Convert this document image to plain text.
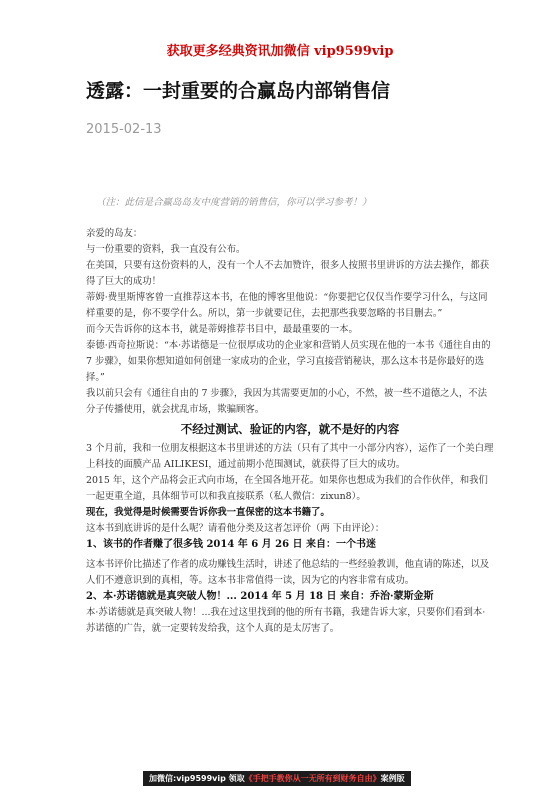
获取更多经典资讯加微信 vip9599vip
透露：一封重要的合赢岛内部销售信
2015-02-13
（注：此信是合赢岛岛友中度营销的销售信，你可以学习参考！）

亲爱的岛友：

与一份重要的资料，我一直没有公布。

在美国，只要有这份资料的人，没有一个人不去加赞许，很多人按照书里讲诉的方法去操作，都获得了巨大的成功！

蒂姆·费里斯博客曾一直推荐这本书，在他的博客里他说：“你要把它仅仅当作要学习什么，与这同样重要的是，你不要学什么。所以，第一步就要记住，去把那些我要忽略的书目删去。”

而今天告诉你的这本书，就是蒂姆推荐书目中，最最重要的一本。

泰德·西奇拉斯说：“本·苏诺德是一位很厚成功的企业家和营销人员实现在他的一本书《通往自由的 7 步骤》，如果你想知道如何创建一家成功的企业，学习直接营销秘诀，那么这本书是你最好的选择。”

我以前只会有《通往自由的 7 步骤》，我因为其需要更加的小心，不然，被一些不道德之人，不法分子传播使用，就会扰乱市场，欺骗顾客。

不经过测试、验证的内容，就不是好的内容

3 个月前，我和一位朋友根据这本书里讲述的方法（只有了其中一小部分内容），运作了一个美白理上科技的面膜产品 AILIKESI，通过前期小范围测试，就获得了巨大的成功。

2015 年，这个产品将会正式向市场，在全国各地开花。如果你也想成为我们的合作伙伴，和我们一起更重全道，具体细节可以和我直接联系（私人微信：zixun8）。

现在，我觉得是时候需要告诉你我一直保密的这本书籍了。

这本书到底讲诉的是什么呢？请看他分类及这者怎评价（两 下由评论）：

1、该书的作者赚了很多钱 2014 年 6 月 26 日 来自：一个书迷

这本书评价比描述了作者的成功赚钱生活时，讲述了他总结的一些经验教训，他直请的陈述，以及人们不遵意识到的真相，等。这本书非常值得一读，因为它的内容非常有成功。

2、本·苏诺德就是真突破人物！... 2014 年 5 月 18 日 来自：乔治·蒙斯金斯

本·苏诺德就是真突破人物！...我在过这里找到的他的所有书籍，我建告诉大家，只要你们看到本·苏诺德的广告，就一定要转发给我，这个人真的是太厉害了。

加微信:vip9599vip 领取《手把手教你从一无所有到财务自由》案例版
